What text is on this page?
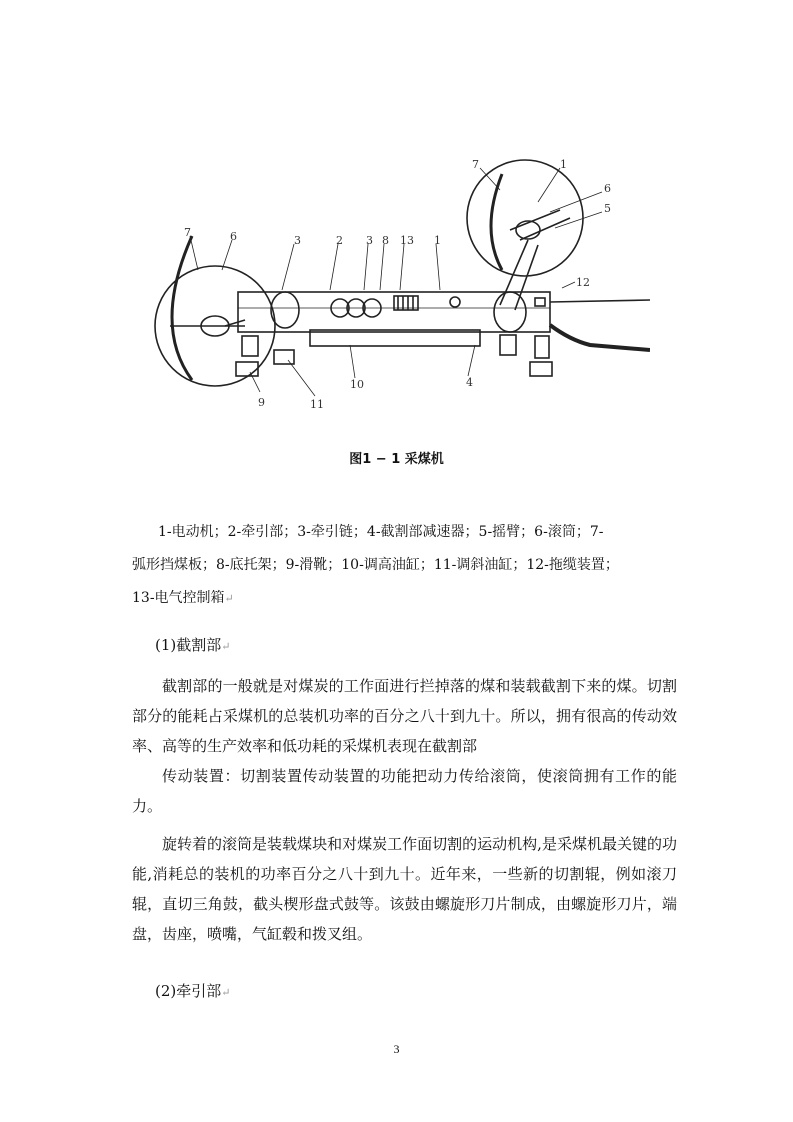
7
7
6
6
5
3	2 3 8 13 1
1
12
9	11
10	4
图1 − 1 采煤机

1-电动机；2-牵引部；3-牵引链；4-截割部减速器；5-摇臂；6-滚筒；7-

弧形挡煤板；8-底托架；9-滑靴；10-调高油缸；11-调斜油缸；12-拖缆装置；

13-电气控制箱↵

(1)截割部↵

截割部的一般就是对煤炭的工作面进行拦掉落的煤和装载截割下来的煤。切割部分的能耗占采煤机的总装机功率的百分之八十到九十。所以，拥有很高的传动效率、高等的生产效率和低功耗的采煤机表现在截割部

传动装置：切割装置传动装置的功能把动力传给滚筒，使滚筒拥有工作的能力。

旋转着的滚筒是装载煤块和对煤炭工作面切割的运动机构,是采煤机最关键的功能,消耗总的装机的功率百分之八十到九十。近年来，一些新的切割辊，例如滚刀辊，直切三角鼓，截头楔形盘式鼓等。该鼓由螺旋形刀片制成，由螺旋形刀片，端盘，齿座，喷嘴，气缸毂和拨叉组。

(2)牵引部↵
3
